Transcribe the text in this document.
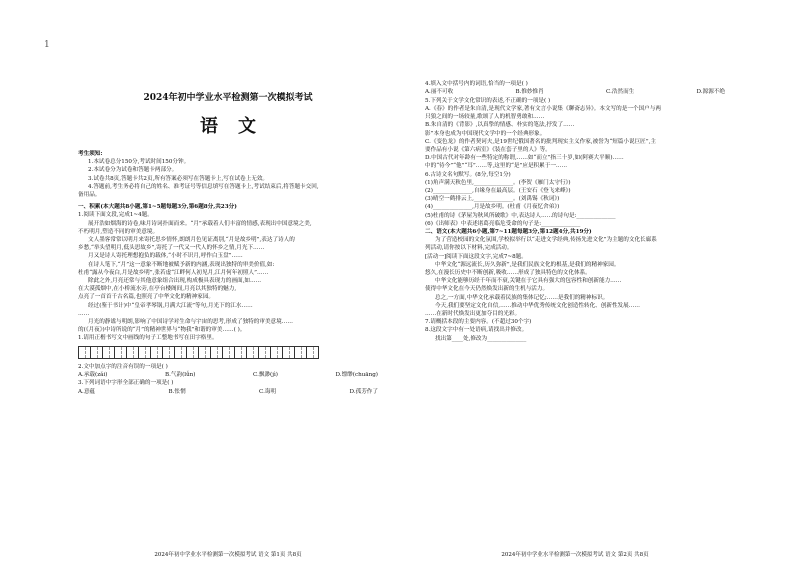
1
2024年初中学业水平检测第一次模拟考试
语文
考生须知:
1.本试卷总分150分,考试时间150分钟。
2.本试卷分为试卷和答题卡两部分。
3.试卷共8页,答题卡共2页,所有答案必须写在答题卡上,写在试卷上无效。
4.答题前,考生务必将自己的姓名、准考证号等信息填写在答题卡上,考试结束后,将答题卡交回,
备用品。
一、积累(本大题共8小题,第1~5题每题3分,第6题8分,共23分)
1.阅读下面文段,完成1~4题。
展开浩如烟海的诗卷,味月诗词扑面而来。“月”承载着人们丰富的情感,表现出中国意境之美,
不朽明月,塑造不同的审美意境。
文人墨客常常以明月来寄托思乡情怀,朗朗月色见证离别,“月是故乡明”,表达了诗人的
乡愁,“举头望明月,低头思故乡”,寄托了一代又一代人的怀乡之情,月光下……
月又是诗人寄托理想抱负的载体,“小时不识月,呼作白玉盘”……
在诗人笔下,“月”这一意象不断地被赋予新的内涵,表现出独特的审美价值,如:
杜甫“露从今夜白,月是故乡明”,张若虚“江畔何人初见月,江月何年初照人”……
除此之外,月亮还常与其他意象组合出现,构成极具表现力的画面,如……
在大漠孤烟中,在小桥流水旁,在亭台楼阁间,月亮以其独特的魅力,
点亮了一首首千古名篇,也照亮了中华文化的精神家园。
经过(鉴于书计)中“皇帝孝琴锅,月满大江流”等句,月光下的江水……
……
月光的静谧与明朗,影响了中国诗学对生命与宇宙的思考,形成了独特的审美意境……
的(《月夜》)中诗所说的“月”的精神世界与“物我”和谐的审美……( )。
1.请用正楷书写文中画线的句子工整地书写在田字格里。
2.文中加点字的注音有误的一项是( )
A.承载(zǎi)	B.气韵(lǚn)	C.飘渺(jì)	D.缥缈(chuāng)
3.下列词语中字形全部正确的一项是( )
A.意蕴	B.怅惘	C.诲明	D.孤芳作了
2024年初中学业水平检测第一次模拟考试 语文 第1页 共8页
4.填入文中括号内的词语,恰当的一项是( )
A.丽不可收	B.惟妙惟肖	C.浩然而生	D.源源不绝
5.下列关于文学文化常识的表述,不正确的一项是( )
A.《春》的作者是朱自清,是现代文学家,著有文言小说集《聊斋志异》。本文写的是一个国户与两
只狼之间的一场较量,歌颂了人的机智勇敢和……
B.朱自清的《背影》,以真挚的情感、朴实的笔法,抒发了……
影”本身也成为中国现代文学中的一个经典形象。
C.《变色龙》的作者契诃夫,是19世纪俄国著名的批判现实主义作家,被誉为“短篇小说巨匠”,主
要作品有小说《第六病室》《装在套子里的人》等。
D.中国古代对年龄有一些特定的称谓,……如“而立”指三十岁,如(阿赛大平顺)……
中的“待今”“他”“耳”……等,这里的“是”应是积累于一……
6.古诗文名句默写。(8分,每空1分)
(1)角声满天秋色里,______________。(李贺《雁门太守行》)
(2)______________,自缘身在最高层。(王安石《登飞来峰》)
(3)晴空一鹤排云上,______________。(刘禹锡《秋词》)
(4)______________,月是故乡明。(杜甫《月夜忆舍弟》)
(5)杜甫的诗《茅屋为秋风所破歌》中,表达诗人……的诗句是:______________
(6)《出师表》中表述诸葛亮临危受命的句子是:______________
二、语文(本大题共6小题,第7~11题每题3分,第12题4分,共19分)
为了营造校园的文化氛围,学校拟举行以“走进文学经典,传扬先进文化”为主题的文化长廊系
列活动,请你按以下材料,完成活动。
[活动一]阅读下面这段文字,完成7~8题。
中华文化“源远流长,历久弥新”,是我们民族文化的根基,是我们的精神家园。
悠久,在漫长历史中不断创新,吸收……形成了独具特色的文化体系。
中华文化能够历经千年而不衰,关键在于它具有强大的包容性和创新能力……
使得中华文化在今天仍然焕发出新的生机与活力。
总之,一方面,中华文化承载着民族的集体记忆;……是我们的精神标识。
今天,我们要坚定文化自信,……推动中华优秀传统文化创造性转化、创新性发展……
……在新时代焕发出更加夺目的光彩。
7.请概括本段的主要内容。(不超过30个字)
8.这段文字中有一处语病,请找出并修改。
找出第____处,修改为______________
2024年初中学业水平检测第一次模拟考试 语文 第2页 共8页
